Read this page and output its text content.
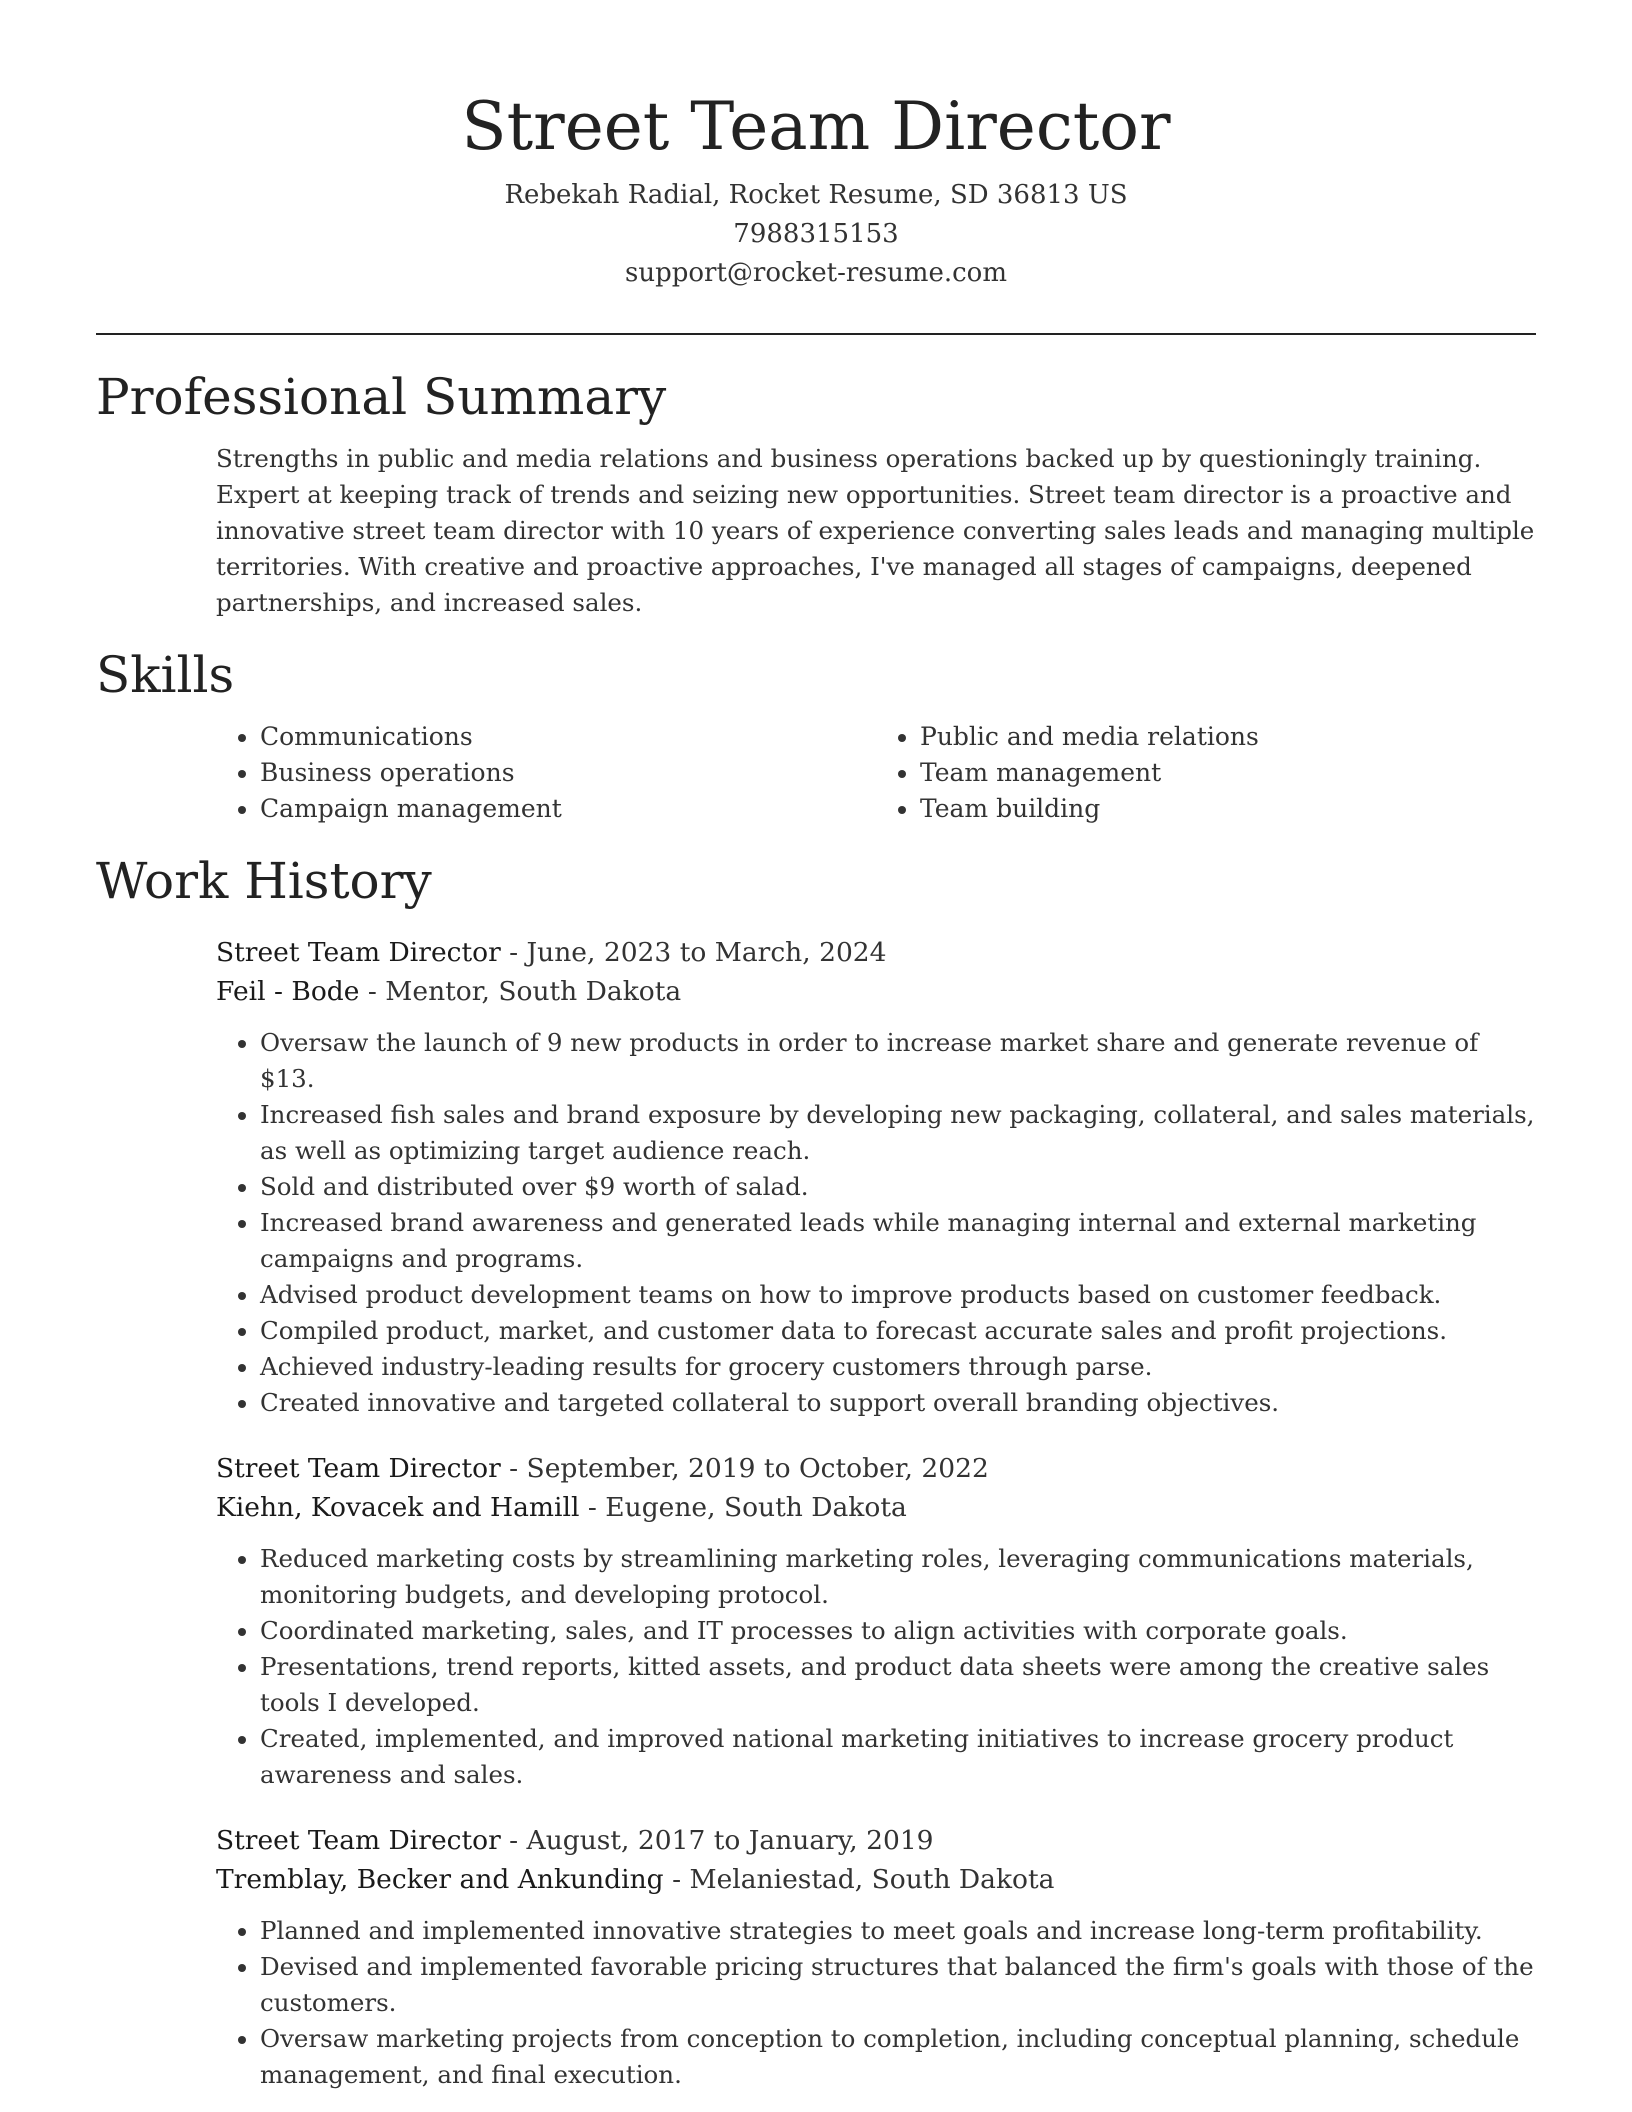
Street Team Director
Rebekah Radial, Rocket Resume, SD 36813 US
7988315153
support@rocket-resume.com
Professional Summary

Strengths in public and media relations and business operations backed up by questioningly training. Expert at keeping track of trends and seizing new opportunities. Street team director is a proactive and innovative street team director with 10 years of experience converting sales leads and managing multiple territories. With creative and proactive approaches, I've managed all stages of campaigns, deepened partnerships, and increased sales.

Skills
• Communications
• Business operations
• Campaign management
• Public and media relations
• Team management
• Team building
Work History
Street Team Director - June, 2023 to March, 2024
Feil - Bode - Mentor, South Dakota
• Oversaw the launch of 9 new products in order to increase market share and generate revenue of $13.
• Increased fish sales and brand exposure by developing new packaging, collateral, and sales materials, as well as optimizing target audience reach.
• Sold and distributed over $9 worth of salad.
• Increased brand awareness and generated leads while managing internal and external marketing campaigns and programs.
• Advised product development teams on how to improve products based on customer feedback.
• Compiled product, market, and customer data to forecast accurate sales and profit projections.
• Achieved industry-leading results for grocery customers through parse.
• Created innovative and targeted collateral to support overall branding objectives.
Street Team Director - September, 2019 to October, 2022
Kiehn, Kovacek and Hamill - Eugene, South Dakota
• Reduced marketing costs by streamlining marketing roles, leveraging communications materials, monitoring budgets, and developing protocol.
• Coordinated marketing, sales, and IT processes to align activities with corporate goals.
• Presentations, trend reports, kitted assets, and product data sheets were among the creative sales tools I developed.
• Created, implemented, and improved national marketing initiatives to increase grocery product awareness and sales.
Street Team Director - August, 2017 to January, 2019
Tremblay, Becker and Ankunding - Melaniestad, South Dakota
• Planned and implemented innovative strategies to meet goals and increase long-term profitability.
• Devised and implemented favorable pricing structures that balanced the firm's goals with those of the customers.
• Oversaw marketing projects from conception to completion, including conceptual planning, schedule management, and final execution.
